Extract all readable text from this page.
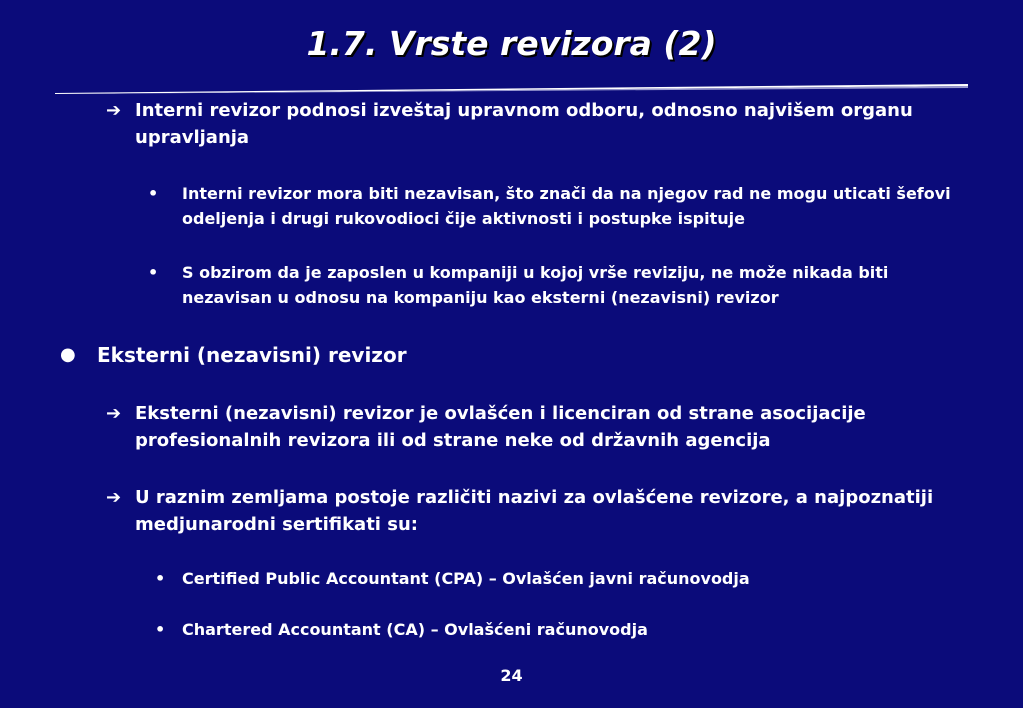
1.7. Vrste revizora (2)
➔ Interni revizor podnosi izveštaj upravnom odboru, odnosno najvišem organu upravljanja
• Interni revizor mora biti nezavisan, što znači da na njegov rad ne mogu uticati šefovi odeljenja i drugi rukovodioci čije aktivnosti i postupke ispituje
• S obzirom da je zaposlen u kompaniji u kojoj vrše reviziju, ne može nikada biti nezavisan u odnosu na kompaniju kao eksterni (nezavisni) revizor
● Eksterni (nezavisni) revizor
➔ Eksterni (nezavisni) revizor je ovlašćen i licenciran od strane asocijacije profesionalnih revizora ili od strane neke od državnih agencija
➔ U raznim zemljama postoje različiti nazivi za ovlašćene revizore, a najpoznatiji medjunarodni sertifikati su:
• Certified Public Accountant (CPA) – Ovlašćen javni računovodja
• Chartered Accountant (CA) – Ovlašćeni računovodja
24
